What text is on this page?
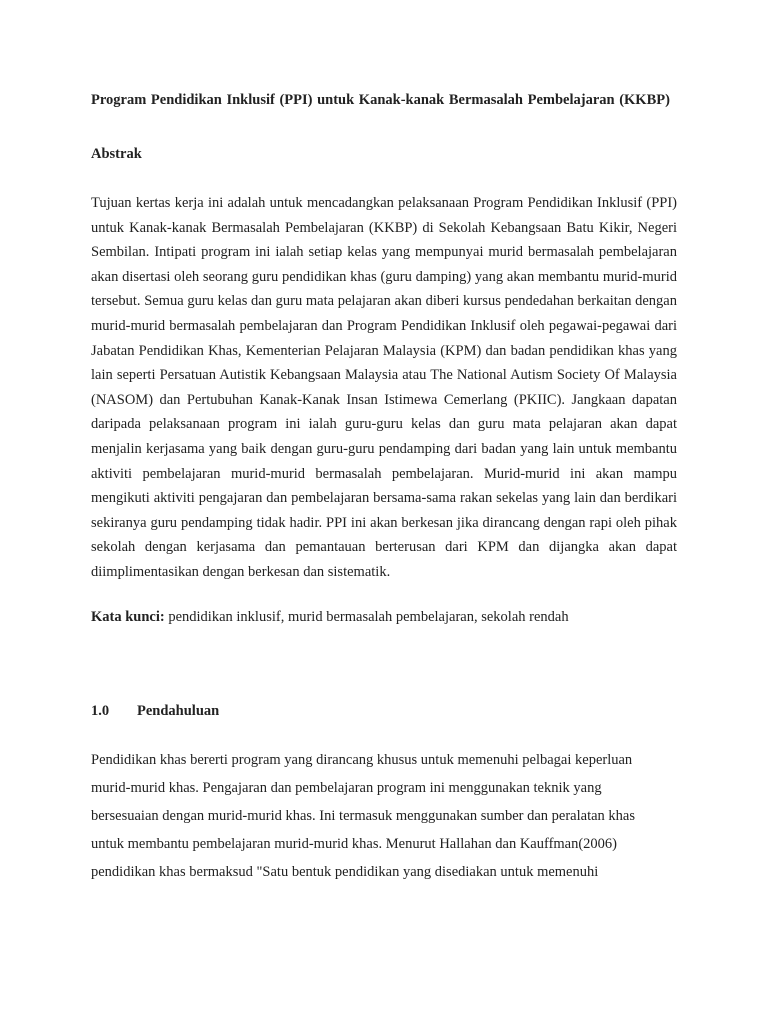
Program Pendidikan Inklusif (PPI) untuk Kanak-kanak Bermasalah Pembelajaran (KKBP)

Abstrak

Tujuan kertas kerja ini adalah untuk mencadangkan pelaksanaan Program Pendidikan Inklusif (PPI) untuk Kanak-kanak Bermasalah Pembelajaran (KKBP) di Sekolah Kebangsaan Batu Kikir, Negeri Sembilan. Intipati program ini ialah setiap kelas yang mempunyai murid bermasalah pembelajaran akan disertasi oleh seorang guru pendidikan khas (guru damping) yang akan membantu murid-murid tersebut. Semua guru kelas dan guru mata pelajaran akan diberi kursus pendedahan berkaitan dengan murid-murid bermasalah pembelajaran dan Program Pendidikan Inklusif oleh pegawai-pegawai dari Jabatan Pendidikan Khas, Kementerian Pelajaran Malaysia (KPM) dan badan pendidikan khas yang lain seperti Persatuan Autistik Kebangsaan Malaysia atau The National Autism Society Of Malaysia (NASOM) dan Pertubuhan Kanak-Kanak Insan Istimewa Cemerlang (PKIIC). Jangkaan dapatan daripada pelaksanaan program ini ialah guru-guru kelas dan guru mata pelajaran akan dapat menjalin kerjasama yang baik dengan guru-guru pendamping dari badan yang lain untuk membantu aktiviti pembelajaran murid-murid bermasalah pembelajaran. Murid-murid ini akan mampu mengikuti aktiviti pengajaran dan pembelajaran bersama-sama rakan sekelas yang lain dan berdikari sekiranya guru pendamping tidak hadir. PPI ini akan berkesan jika dirancang dengan rapi oleh pihak sekolah dengan kerjasama dan pemantauan berterusan dari KPM dan dijangka akan dapat diimplimentasikan dengan berkesan dan sistematik.

Kata kunci: pendidikan inklusif, murid bermasalah pembelajaran, sekolah rendah

1.0	Pendahuluan
Pendidikan khas bererti program yang dirancang khusus untuk memenuhi pelbagai keperluan
murid-murid khas. Pengajaran dan pembelajaran program ini menggunakan teknik yang
bersesuaian dengan murid-murid khas. Ini termasuk menggunakan sumber dan peralatan khas
untuk membantu pembelajaran murid-murid khas. Menurut Hallahan dan Kauffman(2006)
pendidikan khas bermaksud "Satu bentuk pendidikan yang disediakan untuk memenuhi
